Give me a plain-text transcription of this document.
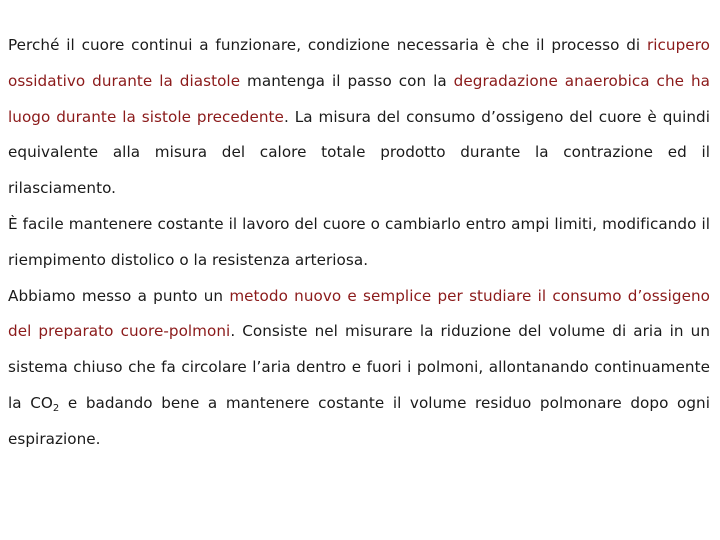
Perché il cuore continui a funzionare, condizione necessaria è che il processo di ricupero ossidativo durante la diastole mantenga il passo con la degradazione anaerobica che ha luogo durante la sistole precedente. La misura del consumo d’ossigeno del cuore è quindi equivalente alla misura del calore totale prodotto durante la contrazione ed il rilasciamento.

È facile mantenere costante il lavoro del cuore o cambiarlo entro ampi limiti, modificando il riempimento distolico o la resistenza arteriosa.

Abbiamo messo a punto un metodo nuovo e semplice per studiare il consumo d’ossigeno del preparato cuore-polmoni. Consiste nel misurare la riduzione del volume di aria in un sistema chiuso che fa circolare l’aria dentro e fuori i polmoni, allontanando continuamente la $CO_2$ e badando bene a mantenere costante il volume residuo polmonare dopo ogni espirazione.
